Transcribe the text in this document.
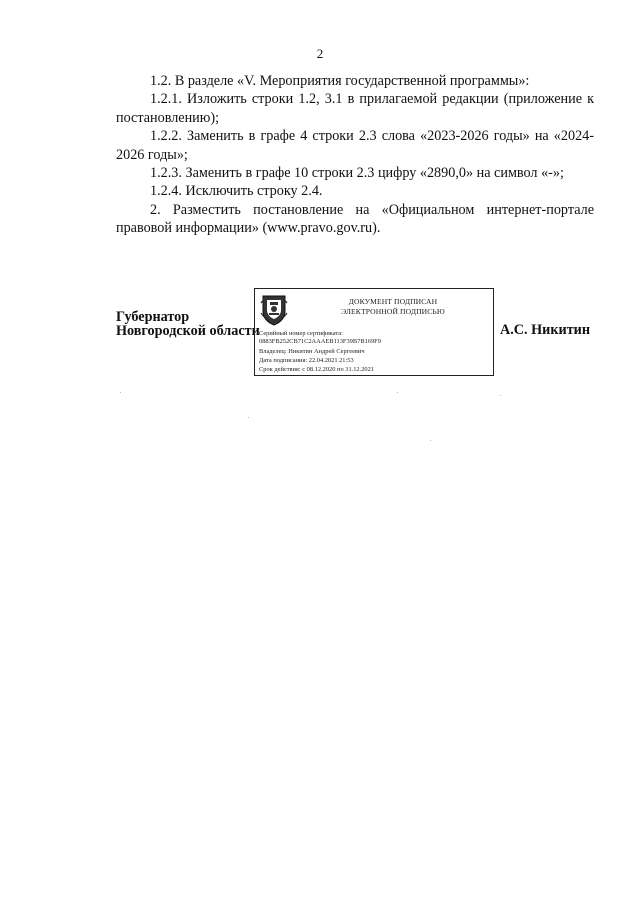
2

1.2. В разделе «V. Мероприятия государственной программы»:

1.2.1. Изложить строки 1.2, 3.1 в прилагаемой редакции (приложение к постановлению);

1.2.2. Заменить в графе 4 строки 2.3 слова «2023-2026 годы» на «2024-2026 годы»;

1.2.3. Заменить в графе 10 строки 2.3 цифру «2890,0» на символ «-»;

1.2.4. Исключить строку 2.4.

2. Разместить постановление на «Официальном интернет-портале правовой информации» (www.pravo.gov.ru).

Губернатор
Новгородской области
ДОКУМЕНТ ПОДПИСАН
ЭЛЕКТРОННОЙ ПОДПИСЬЮ
Серийный номер сертификата:
0883FB252CB71C2AAAEB113F39B7B169F9
Владелец: Никитин Андрей Сергеевич
Дата подписания: 22.04.2021 21:53
Срок действия: с 08.12.2020 по 31.12.2021
А.С. Никитин
